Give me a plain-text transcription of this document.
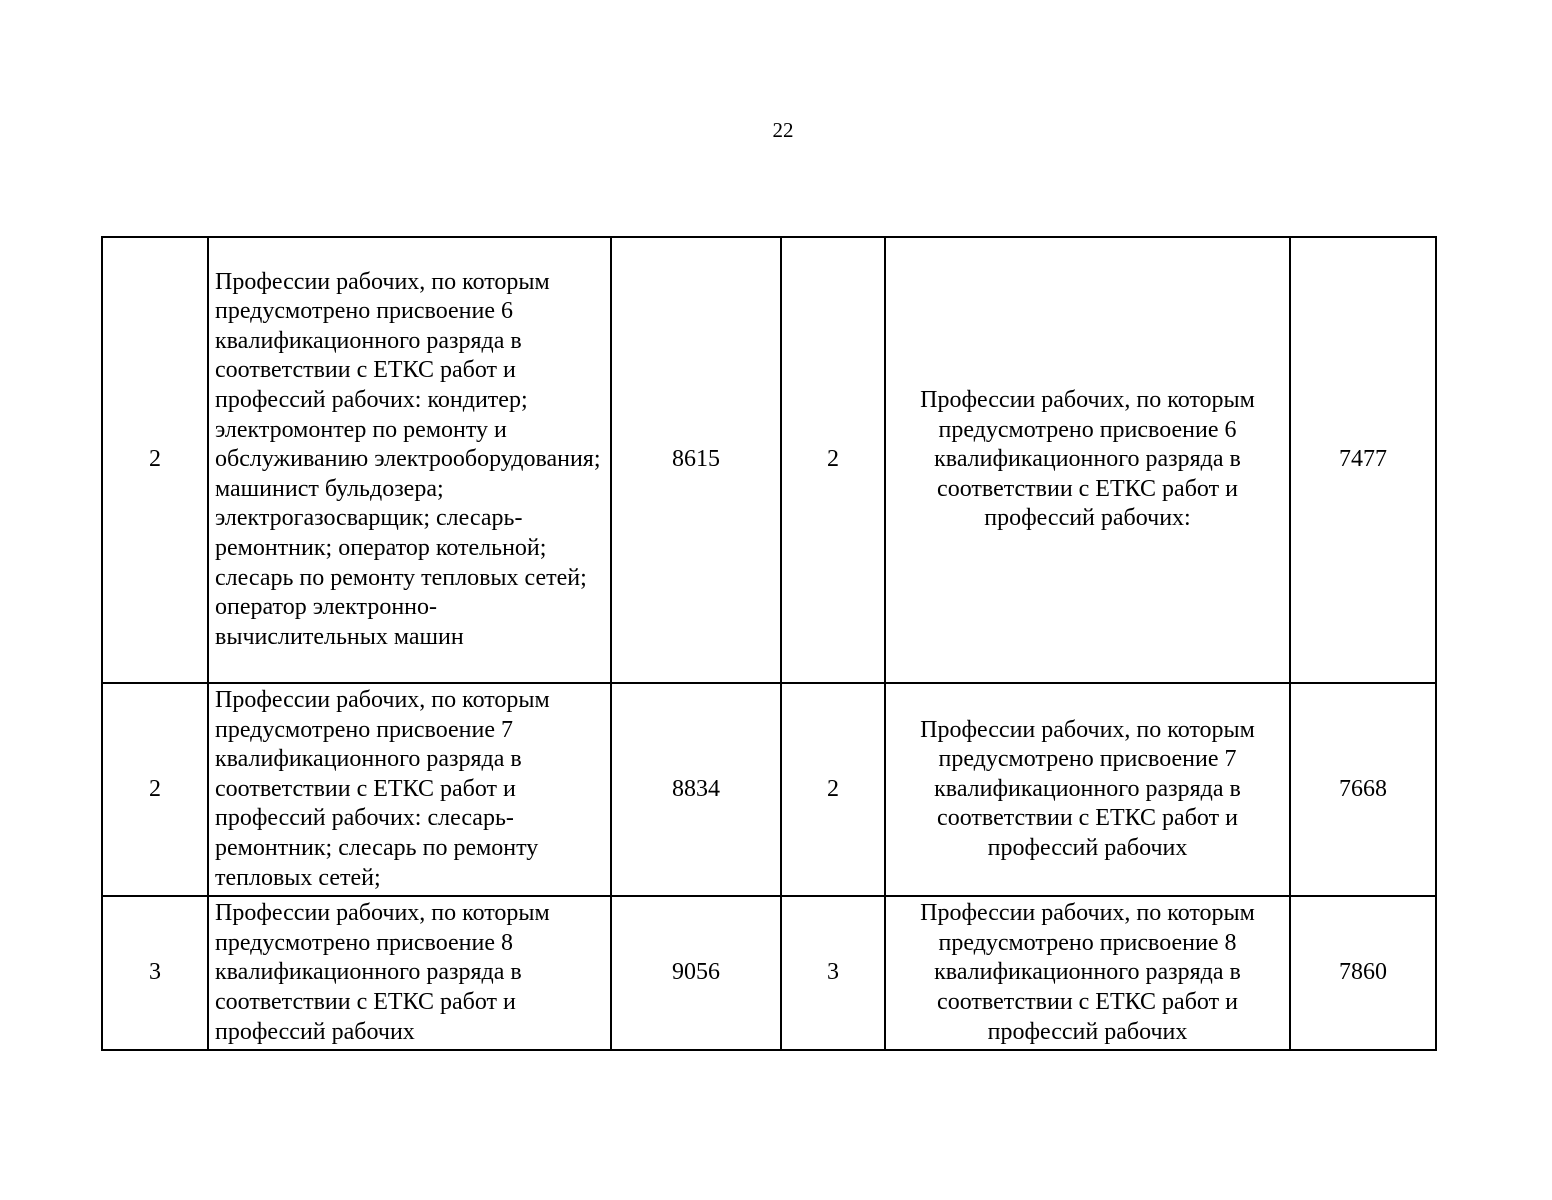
22
2	Профессии рабочих, по которым предусмотрено присвоение 6 квалификационного разряда в соответствии с ЕТКС работ и профессий рабочих: кондитер; электромонтер по ремонту и обслуживанию электрооборудования; машинист бульдозера; электрогазосварщик; слесарь-ремонтник; оператор котельной; слесарь по ремонту тепловых сетей; оператор электронно-вычислительных машин	8615	2	Профессии рабочих, по которым предусмотрено присвоение 6 квалификационного разряда в соответствии с ЕТКС работ и профессий рабочих:	7477
2	Профессии рабочих, по которым предусмотрено присвоение 7 квалификационного разряда в соответствии с ЕТКС работ и профессий рабочих: слесарь-ремонтник; слесарь по ремонту тепловых сетей;	8834	2	Профессии рабочих, по которым предусмотрено присвоение 7 квалификационного разряда в соответствии с ЕТКС работ и профессий рабочих	7668
3	Профессии рабочих, по которым предусмотрено присвоение 8 квалификационного разряда в соответствии с ЕТКС работ и профессий рабочих	9056	3	Профессии рабочих, по которым предусмотрено присвоение 8 квалификационного разряда в соответствии с ЕТКС работ и профессий рабочих	7860
